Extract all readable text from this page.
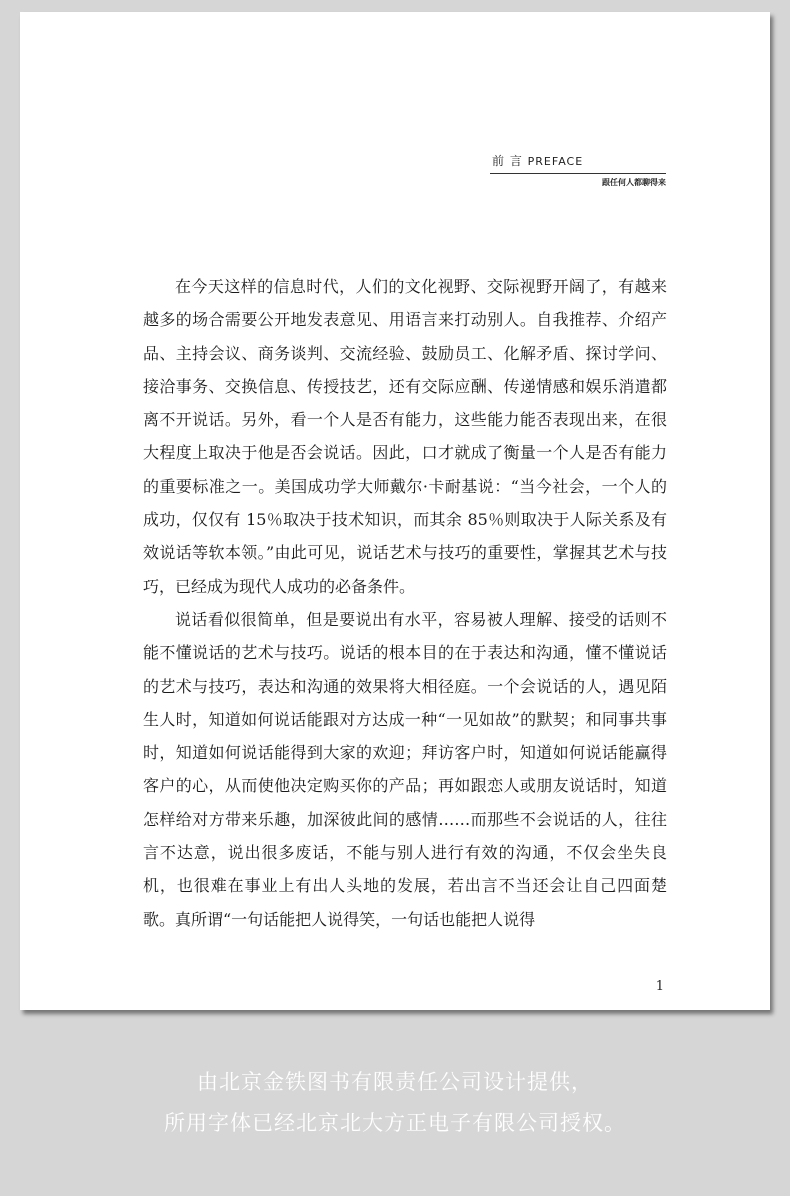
前 言 PREFACE
跟任何人都聊得来

在今天这样的信息时代，人们的文化视野、交际视野开阔了，有越来越多的场合需要公开地发表意见、用语言来打动别人。自我推荐、介绍产品、主持会议、商务谈判、交流经验、鼓励员工、化解矛盾、探讨学问、接洽事务、交换信息、传授技艺，还有交际应酬、传递情感和娱乐消遣都离不开说话。另外，看一个人是否有能力，这些能力能否表现出来，在很大程度上取决于他是否会说话。因此，口才就成了衡量一个人是否有能力的重要标准之一。美国成功学大师戴尔·卡耐基说：“当今社会，一个人的成功，仅仅有 15％取决于技术知识，而其余 85％则取决于人际关系及有效说话等软本领。”由此可见，说话艺术与技巧的重要性，掌握其艺术与技巧，已经成为现代人成功的必备条件。

说话看似很简单，但是要说出有水平，容易被人理解、接受的话则不能不懂说话的艺术与技巧。说话的根本目的在于表达和沟通，懂不懂说话的艺术与技巧，表达和沟通的效果将大相径庭。一个会说话的人，遇见陌生人时，知道如何说话能跟对方达成一种“一见如故”的默契；和同事共事时，知道如何说话能得到大家的欢迎；拜访客户时，知道如何说话能赢得客户的心，从而使他决定购买你的产品；再如跟恋人或朋友说话时，知道怎样给对方带来乐趣，加深彼此间的感情……而那些不会说话的人，往往言不达意，说出很多废话，不能与别人进行有效的沟通，不仅会坐失良机，也很难在事业上有出人头地的发展，若出言不当还会让自己四面楚歌。真所谓“一句话能把人说得笑，一句话也能把人说得

1
由北京金铁图书有限责任公司设计提供，
所用字体已经北京北大方正电子有限公司授权。
